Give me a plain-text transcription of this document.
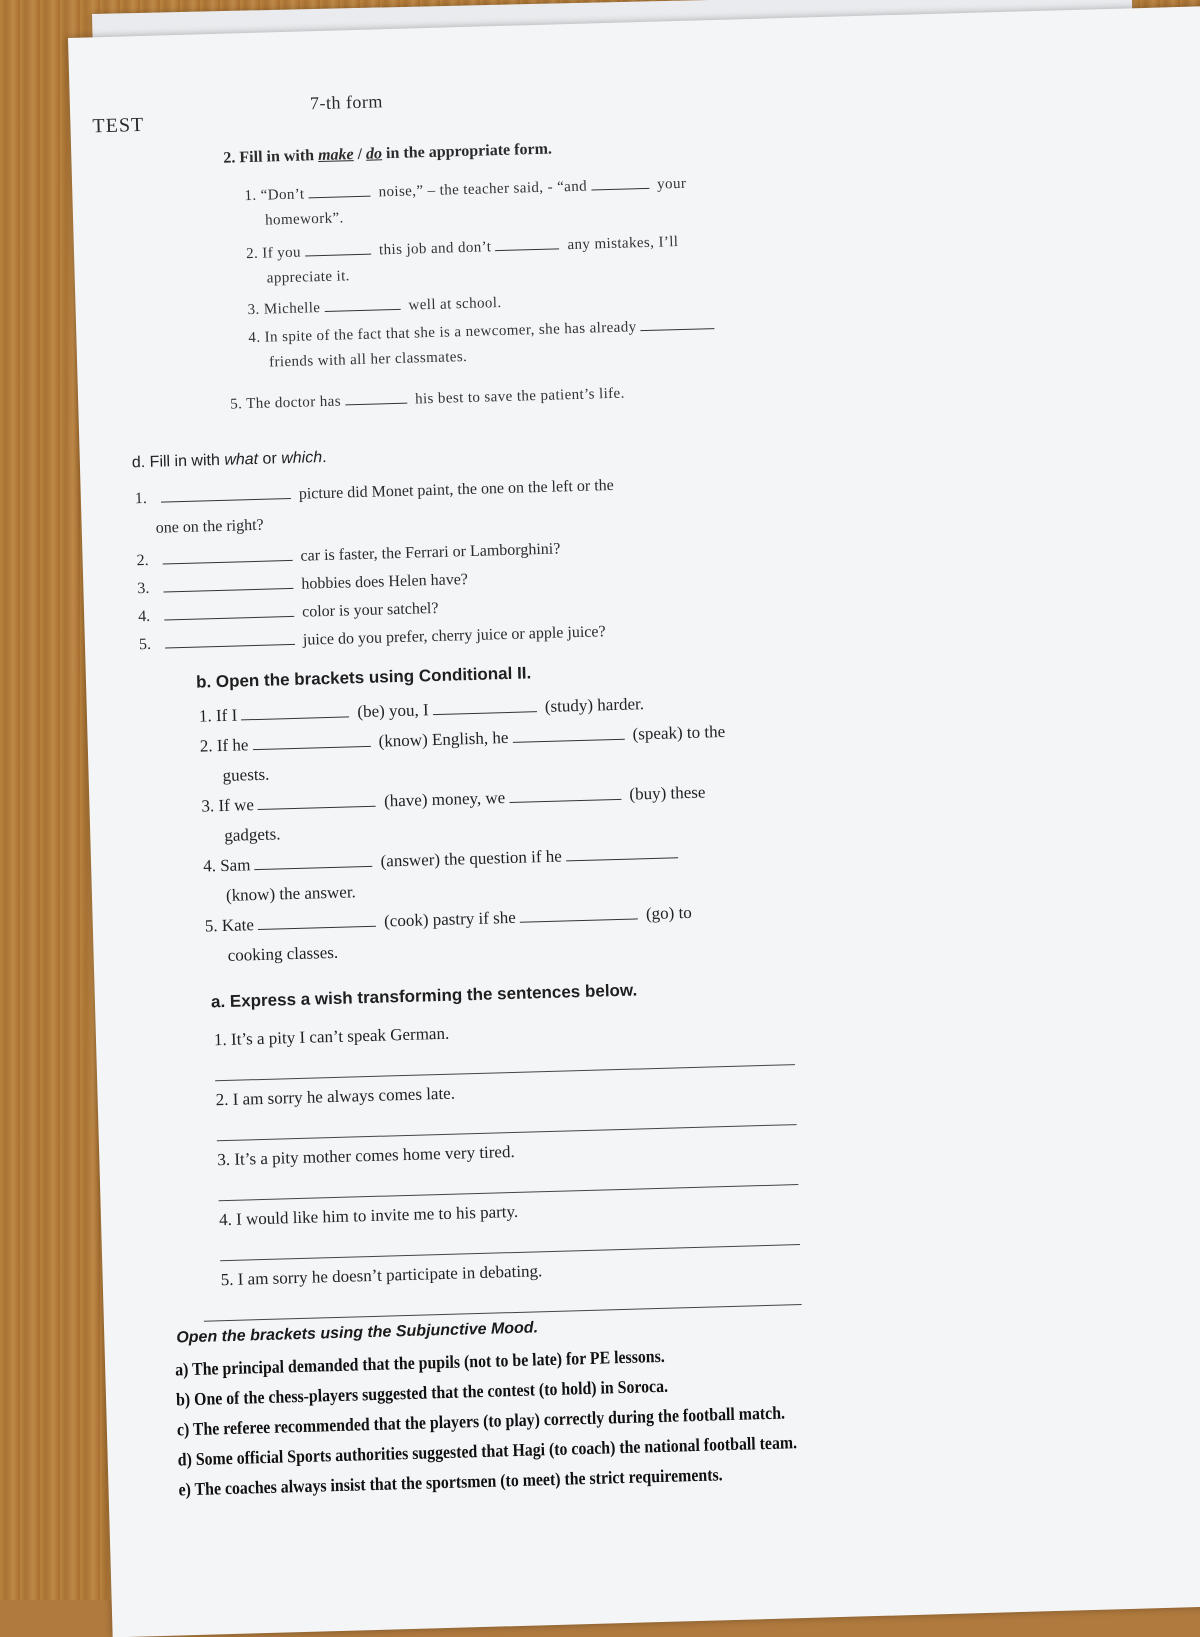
TEST
7-th form
2. Fill in with make / do in the appropriate form.
1. “Don’t	noise,” – the teacher said, - “and	your
homework”.
2. If you	this job and don’t	any mistakes, I’ll
appreciate it.
3. Michelle	well at school.
4. In spite of the fact that she is a newcomer, she has already
friends with all her classmates.
5. The doctor has	his best to save the patient’s life.
d. Fill in with what or which.
1.	picture did Monet paint, the one on the left or the
one on the right?
2.	car is faster, the Ferrari or Lamborghini?
3.	hobbies does Helen have?
4.	color is your satchel?
5.	juice do you prefer, cherry juice or apple juice?
b. Open the brackets using Conditional II.
1. If I	(be) you, I	(study) harder.
2. If he	(know) English, he	(speak) to the
guests.
3. If we	(have) money, we	(buy) these
gadgets.
4. Sam	(answer) the question if he
(know) the answer.
5. Kate	(cook) pastry if she	(go) to
cooking classes.
a. Express a wish transforming the sentences below.
1. It’s a pity I can’t speak German.
2. I am sorry he always comes late.
3. It’s a pity mother comes home very tired.
4. I would like him to invite me to his party.
5. I am sorry he doesn’t participate in debating.
Open the brackets using the Subjunctive Mood.
a) The principal demanded that the pupils (not to be late) for PE lessons.
b) One of the chess-players suggested that the contest (to hold) in Soroca.
c) The referee recommended that the players (to play) correctly during the football match.
d) Some official Sports authorities suggested that Hagi (to coach) the national football team.
e) The coaches always insist that the sportsmen (to meet) the strict requirements.
